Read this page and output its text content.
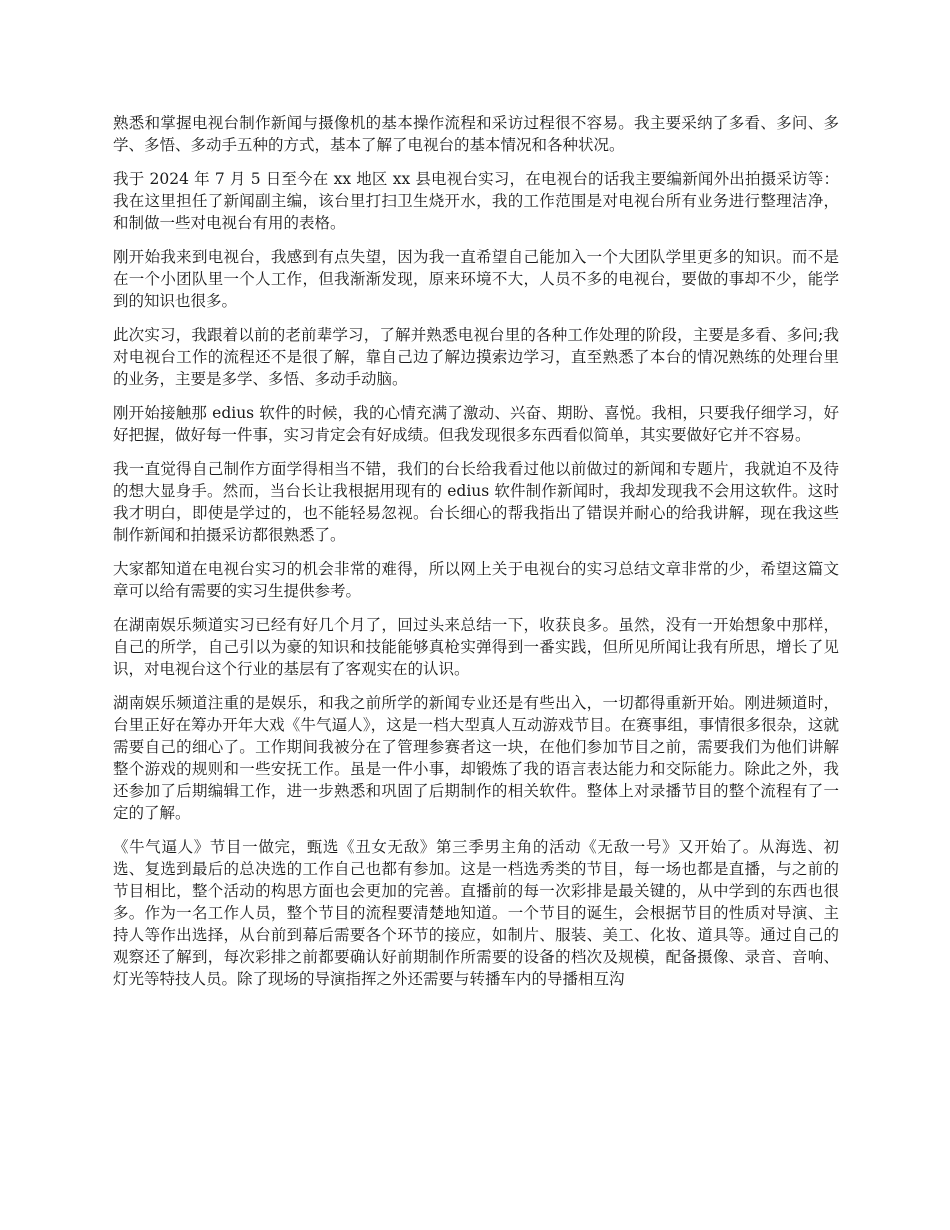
熟悉和掌握电视台制作新闻与摄像机的基本操作流程和采访过程很不容易。我主要采纳了多看、多问、多学、多悟、多动手五种的方式，基本了解了电视台的基本情况和各种状况。

我于 2024 年 7 月 5 日至今在 xx 地区 xx 县电视台实习，在电视台的话我主要编新闻外出拍摄采访等：我在这里担任了新闻副主编，该台里打扫卫生烧开水，我的工作范围是对电视台所有业务进行整理洁净，和制做一些对电视台有用的表格。

刚开始我来到电视台，我感到有点失望，因为我一直希望自己能加入一个大团队学里更多的知识。而不是在一个小团队里一个人工作，但我渐渐发现，原来环境不大，人员不多的电视台，要做的事却不少，能学到的知识也很多。

此次实习，我跟着以前的老前辈学习，了解并熟悉电视台里的各种工作处理的阶段，主要是多看、多问;我对电视台工作的流程还不是很了解，靠自己边了解边摸索边学习，直至熟悉了本台的情况熟练的处理台里的业务，主要是多学、多悟、多动手动脑。

刚开始接触那 edius 软件的时候，我的心情充满了激动、兴奋、期盼、喜悦。我相，只要我仔细学习，好好把握，做好每一件事，实习肯定会有好成绩。但我发现很多东西看似简单，其实要做好它并不容易。

我一直觉得自己制作方面学得相当不错，我们的台长给我看过他以前做过的新闻和专题片，我就迫不及待的想大显身手。然而，当台长让我根据用现有的 edius 软件制作新闻时，我却发现我不会用这软件。这时我才明白，即使是学过的，也不能轻易忽视。台长细心的帮我指出了错误并耐心的给我讲解，现在我这些制作新闻和拍摄采访都很熟悉了。

大家都知道在电视台实习的机会非常的难得，所以网上关于电视台的实习总结文章非常的少，希望这篇文章可以给有需要的实习生提供参考。

在湖南娱乐频道实习已经有好几个月了，回过头来总结一下，收获良多。虽然，没有一开始想象中那样，自己的所学，自己引以为豪的知识和技能能够真枪实弹得到一番实践，但所见所闻让我有所思，增长了见识，对电视台这个行业的基层有了客观实在的认识。

湖南娱乐频道注重的是娱乐，和我之前所学的新闻专业还是有些出入，一切都得重新开始。刚进频道时，台里正好在筹办开年大戏《牛气逼人》，这是一档大型真人互动游戏节目。在赛事组，事情很多很杂，这就需要自己的细心了。工作期间我被分在了管理参赛者这一块，在他们参加节目之前，需要我们为他们讲解整个游戏的规则和一些安抚工作。虽是一件小事，却锻炼了我的语言表达能力和交际能力。除此之外，我还参加了后期编辑工作，进一步熟悉和巩固了后期制作的相关软件。整体上对录播节目的整个流程有了一定的了解。

《牛气逼人》节目一做完，甄选《丑女无敌》第三季男主角的活动《无敌一号》又开始了。从海选、初选、复选到最后的总决选的工作自己也都有参加。这是一档选秀类的节目，每一场也都是直播，与之前的节目相比，整个活动的构思方面也会更加的完善。直播前的每一次彩排是最关键的，从中学到的东西也很多。作为一名工作人员，整个节目的流程要清楚地知道。一个节目的诞生，会根据节目的性质对导演、主持人等作出选择，从台前到幕后需要各个环节的接应，如制片、服装、美工、化妆、道具等。通过自己的观察还了解到，每次彩排之前都要确认好前期制作所需要的设备的档次及规模，配备摄像、录音、音响、灯光等特技人员。除了现场的导演指挥之外还需要与转播车内的导播相互沟
